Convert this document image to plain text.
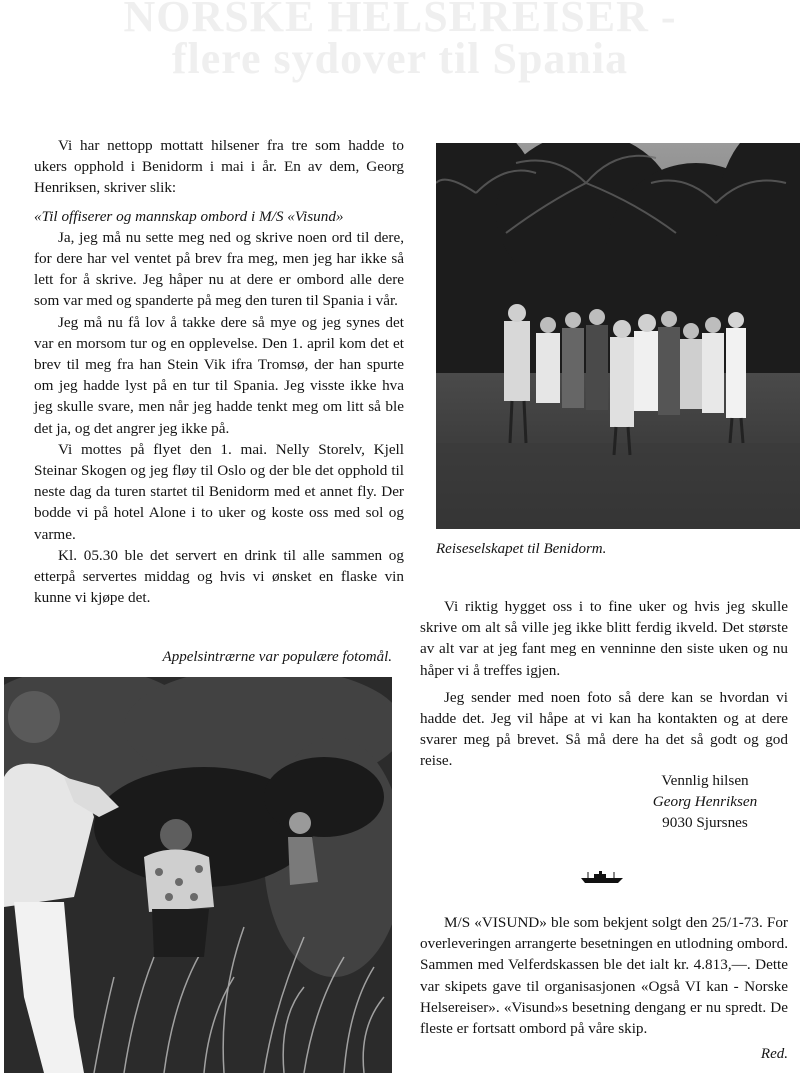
NORSKE HELSEREISER -
flere sydover til Spania

Vi har nettopp mottatt hilsener fra tre som hadde to ukers opphold i Benidorm i mai i år. En av dem, Georg Henriksen, skriver slik:

«Til offiserer og mannskap ombord i M/S «Visund»

Ja, jeg må nu sette meg ned og skrive noen ord til dere, for dere har vel ventet på brev fra meg, men jeg har ikke så lett for å skrive. Jeg håper nu at dere er ombord alle dere som var med og spanderte på meg den turen til Spania i vår.

Jeg må nu få lov å takke dere så mye og jeg synes det var en morsom tur og en opplevelse. Den 1. april kom det et brev til meg fra han Stein Vik ifra Tromsø, der han spurte om jeg hadde lyst på en tur til Spania. Jeg visste ikke hva jeg skulle svare, men når jeg hadde tenkt meg om litt så ble det ja, og det angrer jeg ikke på.

Vi mottes på flyet den 1. mai. Nelly Storelv, Kjell Steinar Skogen og jeg fløy til Oslo og der ble det opphold til neste dag da turen startet til Benidorm med et annet fly. Der bodde vi på hotel Alone i to uker og koste oss med sol og varme.

Kl. 05.30 ble det servert en drink til alle sammen og etterpå servertes middag og hvis vi ønsket en flaske vin kunne vi kjøpe det.

Reiseselskapet til Benidorm.

Vi riktig hygget oss i to fine uker og hvis jeg skulle skrive om alt så ville jeg ikke blitt ferdig ikveld. Det største av alt var at jeg fant meg en venninne den siste uken og nu håper vi å treffes igjen.

Jeg sender med noen foto så dere kan se hvordan vi hadde det. Jeg vil håpe at vi kan ha kontakten og at dere svarer meg på brevet. Så må dere ha det så godt og god reise.

Vennlig hilsen
Georg Henriksen
9030 Sjursnes
Appelsintrærne var populære fotomål.

M/S «VISUND» ble som bekjent solgt den 25/1-73. For overleveringen arrangerte besetningen en utlodning ombord. Sammen med Velferdskassen ble det ialt kr. 4.813,—. Dette var skipets gave til organisasjonen «Også VI kan - Norske Helsereiser». «Visund»s besetning dengang er nu spredt. De fleste er fortsatt ombord på våre skip.

Red.
